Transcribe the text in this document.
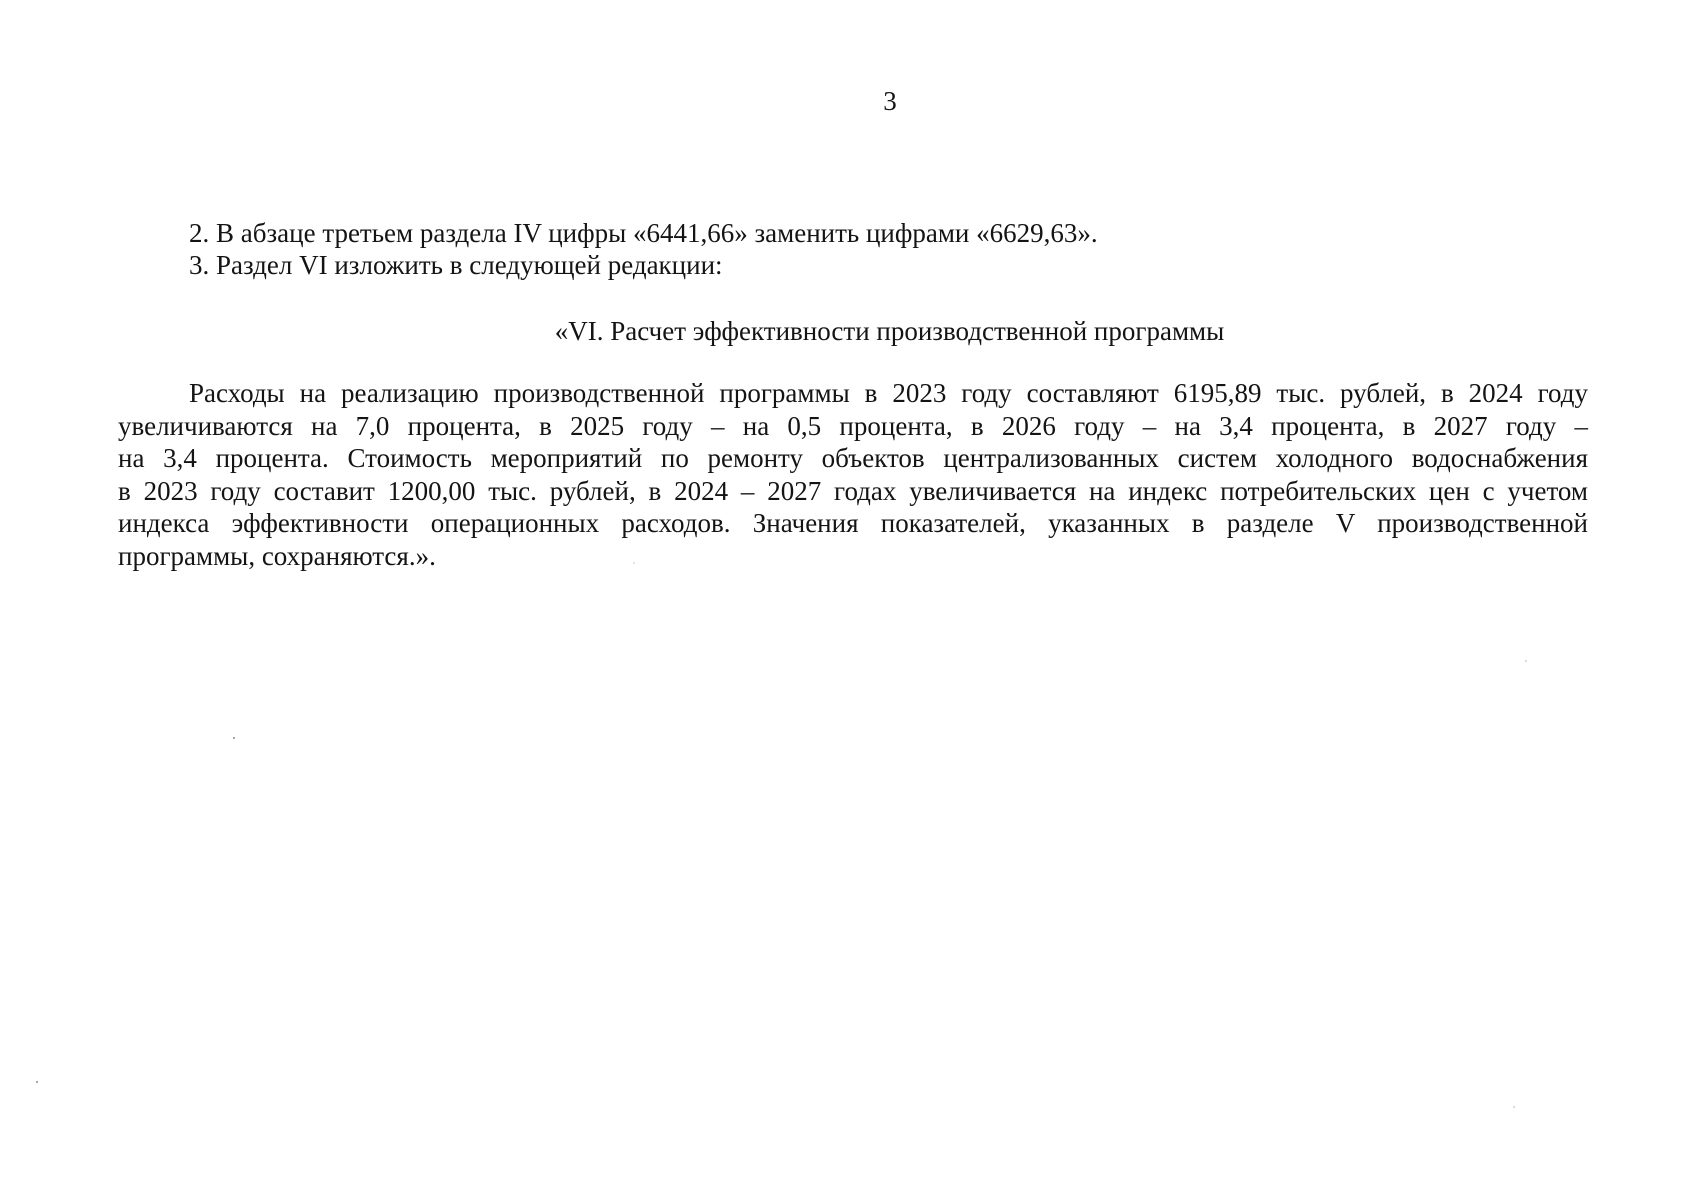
3
2. В абзаце третьем раздела IV цифры «6441,66» заменить цифрами «6629,63».
3. Раздел VI изложить в следующей редакции:
«VI. Расчет эффективности производственной программы
Расходы на реализацию производственной программы в 2023 году составляют 6195,89 тыс. рублей, в 2024 году
увеличиваются на 7,0 процента, в 2025 году – на 0,5 процента, в 2026 году – на 3,4 процента, в 2027 году –
на 3,4 процента. Стоимость мероприятий по ремонту объектов централизованных систем холодного водоснабжения
в 2023 году составит 1200,00 тыс. рублей, в 2024 – 2027 годах увеличивается на индекс потребительских цен с учетом
индекса эффективности операционных расходов. Значения показателей, указанных в разделе V производственной
программы, сохраняются.».
